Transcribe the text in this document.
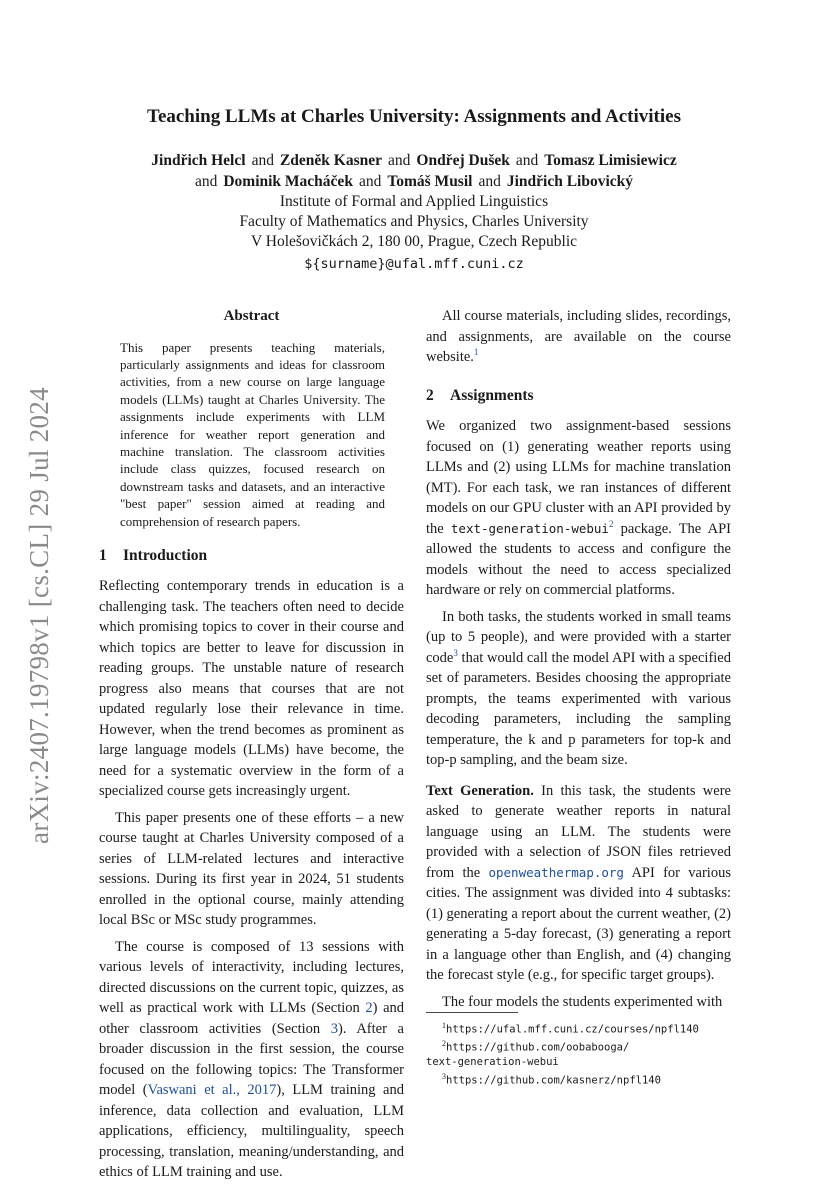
arXiv:2407.19798v1 [cs.CL] 29 Jul 2024
Teaching LLMs at Charles University: Assignments and Activities
Jindřich Helcl and Zdeněk Kasner and Ondřej Dušek and Tomasz Limisiewicz
and Dominik Macháček and Tomáš Musil and Jindřich Libovický
Institute of Formal and Applied Linguistics
Faculty of Mathematics and Physics, Charles University
V Holešovičkách 2, 180 00, Prague, Czech Republic
${surname}@ufal.mff.cuni.cz
Abstract
This paper presents teaching materials, particularly assignments and ideas for classroom activities, from a new course on large language models (LLMs) taught at Charles University. The assignments include experiments with LLM inference for weather report generation and machine translation. The classroom activities include class quizzes, focused research on downstream tasks and datasets, and an interactive "best paper" session aimed at reading and comprehension of research papers.
1 Introduction

Reflecting contemporary trends in education is a challenging task. The teachers often need to decide which promising topics to cover in their course and which topics are better to leave for discussion in reading groups. The unstable nature of research progress also means that courses that are not updated regularly lose their relevance in time. However, when the trend becomes as prominent as large language models (LLMs) have become, the need for a systematic overview in the form of a specialized course gets increasingly urgent.

This paper presents one of these efforts – a new course taught at Charles University composed of a series of LLM-related lectures and interactive sessions. During its first year in 2024, 51 students enrolled in the optional course, mainly attending local BSc or MSc study programmes.

The course is composed of 13 sessions with various levels of interactivity, including lectures, directed discussions on the current topic, quizzes, as well as practical work with LLMs (Section 2) and other classroom activities (Section 3). After a broader discussion in the first session, the course focused on the following topics: The Transformer model (Vaswani et al., 2017), LLM training and inference, data collection and evaluation, LLM applications, efficiency, multilinguality, speech processing, translation, meaning/understanding, and ethics of LLM training and use.

All course materials, including slides, recordings, and assignments, are available on the course website.$^1$

2 Assignments

We organized two assignment-based sessions focused on (1) generating weather reports using LLMs and (2) using LLMs for machine translation (MT). For each task, we ran instances of different models on our GPU cluster with an API provided by the text-generation-webui$^2$ package. The API allowed the students to access and configure the models without the need to access specialized hardware or rely on commercial platforms.

In both tasks, the students worked in small teams (up to 5 people), and were provided with a starter code$^3$ that would call the model API with a specified set of parameters. Besides choosing the appropriate prompts, the teams experimented with various decoding parameters, including the sampling temperature, the k and p parameters for top-k and top-p sampling, and the beam size.

Text Generation. In this task, the students were asked to generate weather reports in natural language using an LLM. The students were provided with a selection of JSON files retrieved from the openweathermap.org API for various cities. The assignment was divided into 4 subtasks: (1) generating a report about the current weather, (2) generating a 5-day forecast, (3) generating a report in a language other than English, and (4) changing the forecast style (e.g., for specific target groups).

The four models the students experimented with

$^1$https://ufal.mff.cuni.cz/courses/npfl140
$^2$https://github.com/oobabooga/
text-generation-webui
$^3$https://github.com/kasnerz/npfl140
